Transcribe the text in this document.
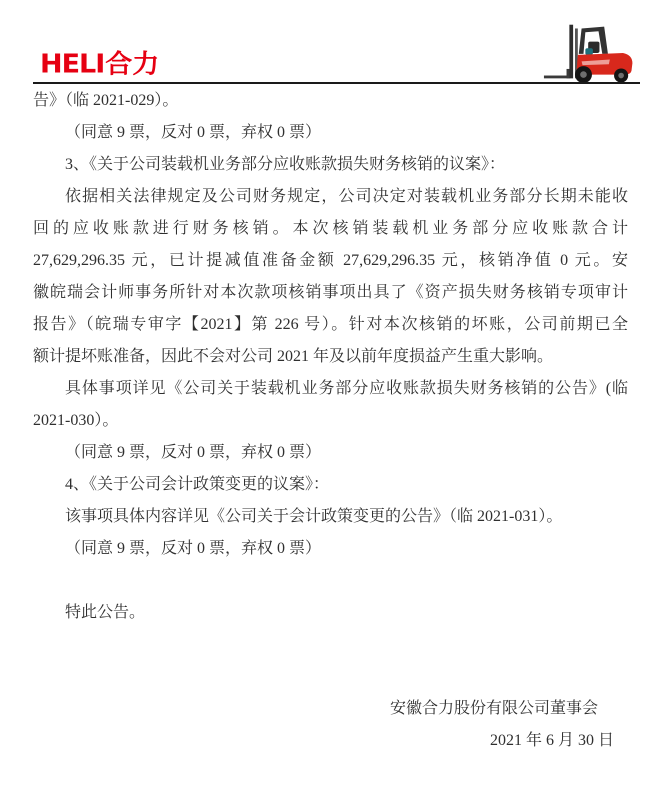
HELI合力
告》（临 2021-029）。
（同意 9 票，反对 0 票，弃权 0 票）
3、《关于公司装载机业务部分应收账款损失财务核销的议案》：
依据相关法律规定及公司财务规定，公司决定对装载机业务部分长期未能收
回的应收账款进行财务核销。本次核销装载机业务部分应收账款合计
27,629,296.35 元，已计提减值准备金额 27,629,296.35 元，核销净值 0 元。安
徽皖瑞会计师事务所针对本次款项核销事项出具了《资产损失财务核销专项审计
报告》（皖瑞专审字【2021】第 226 号）。针对本次核销的坏账，公司前期已全
额计提坏账准备，因此不会对公司 2021 年及以前年度损益产生重大影响。
具体事项详见《公司关于装载机业务部分应收账款损失财务核销的公告》(临
2021-030）。
（同意 9 票，反对 0 票，弃权 0 票）
4、《关于公司会计政策变更的议案》：
该事项具体内容详见《公司关于会计政策变更的公告》（临 2021-031）。
（同意 9 票，反对 0 票，弃权 0 票）
特此公告。
安徽合力股份有限公司董事会
2021 年 6 月 30 日
